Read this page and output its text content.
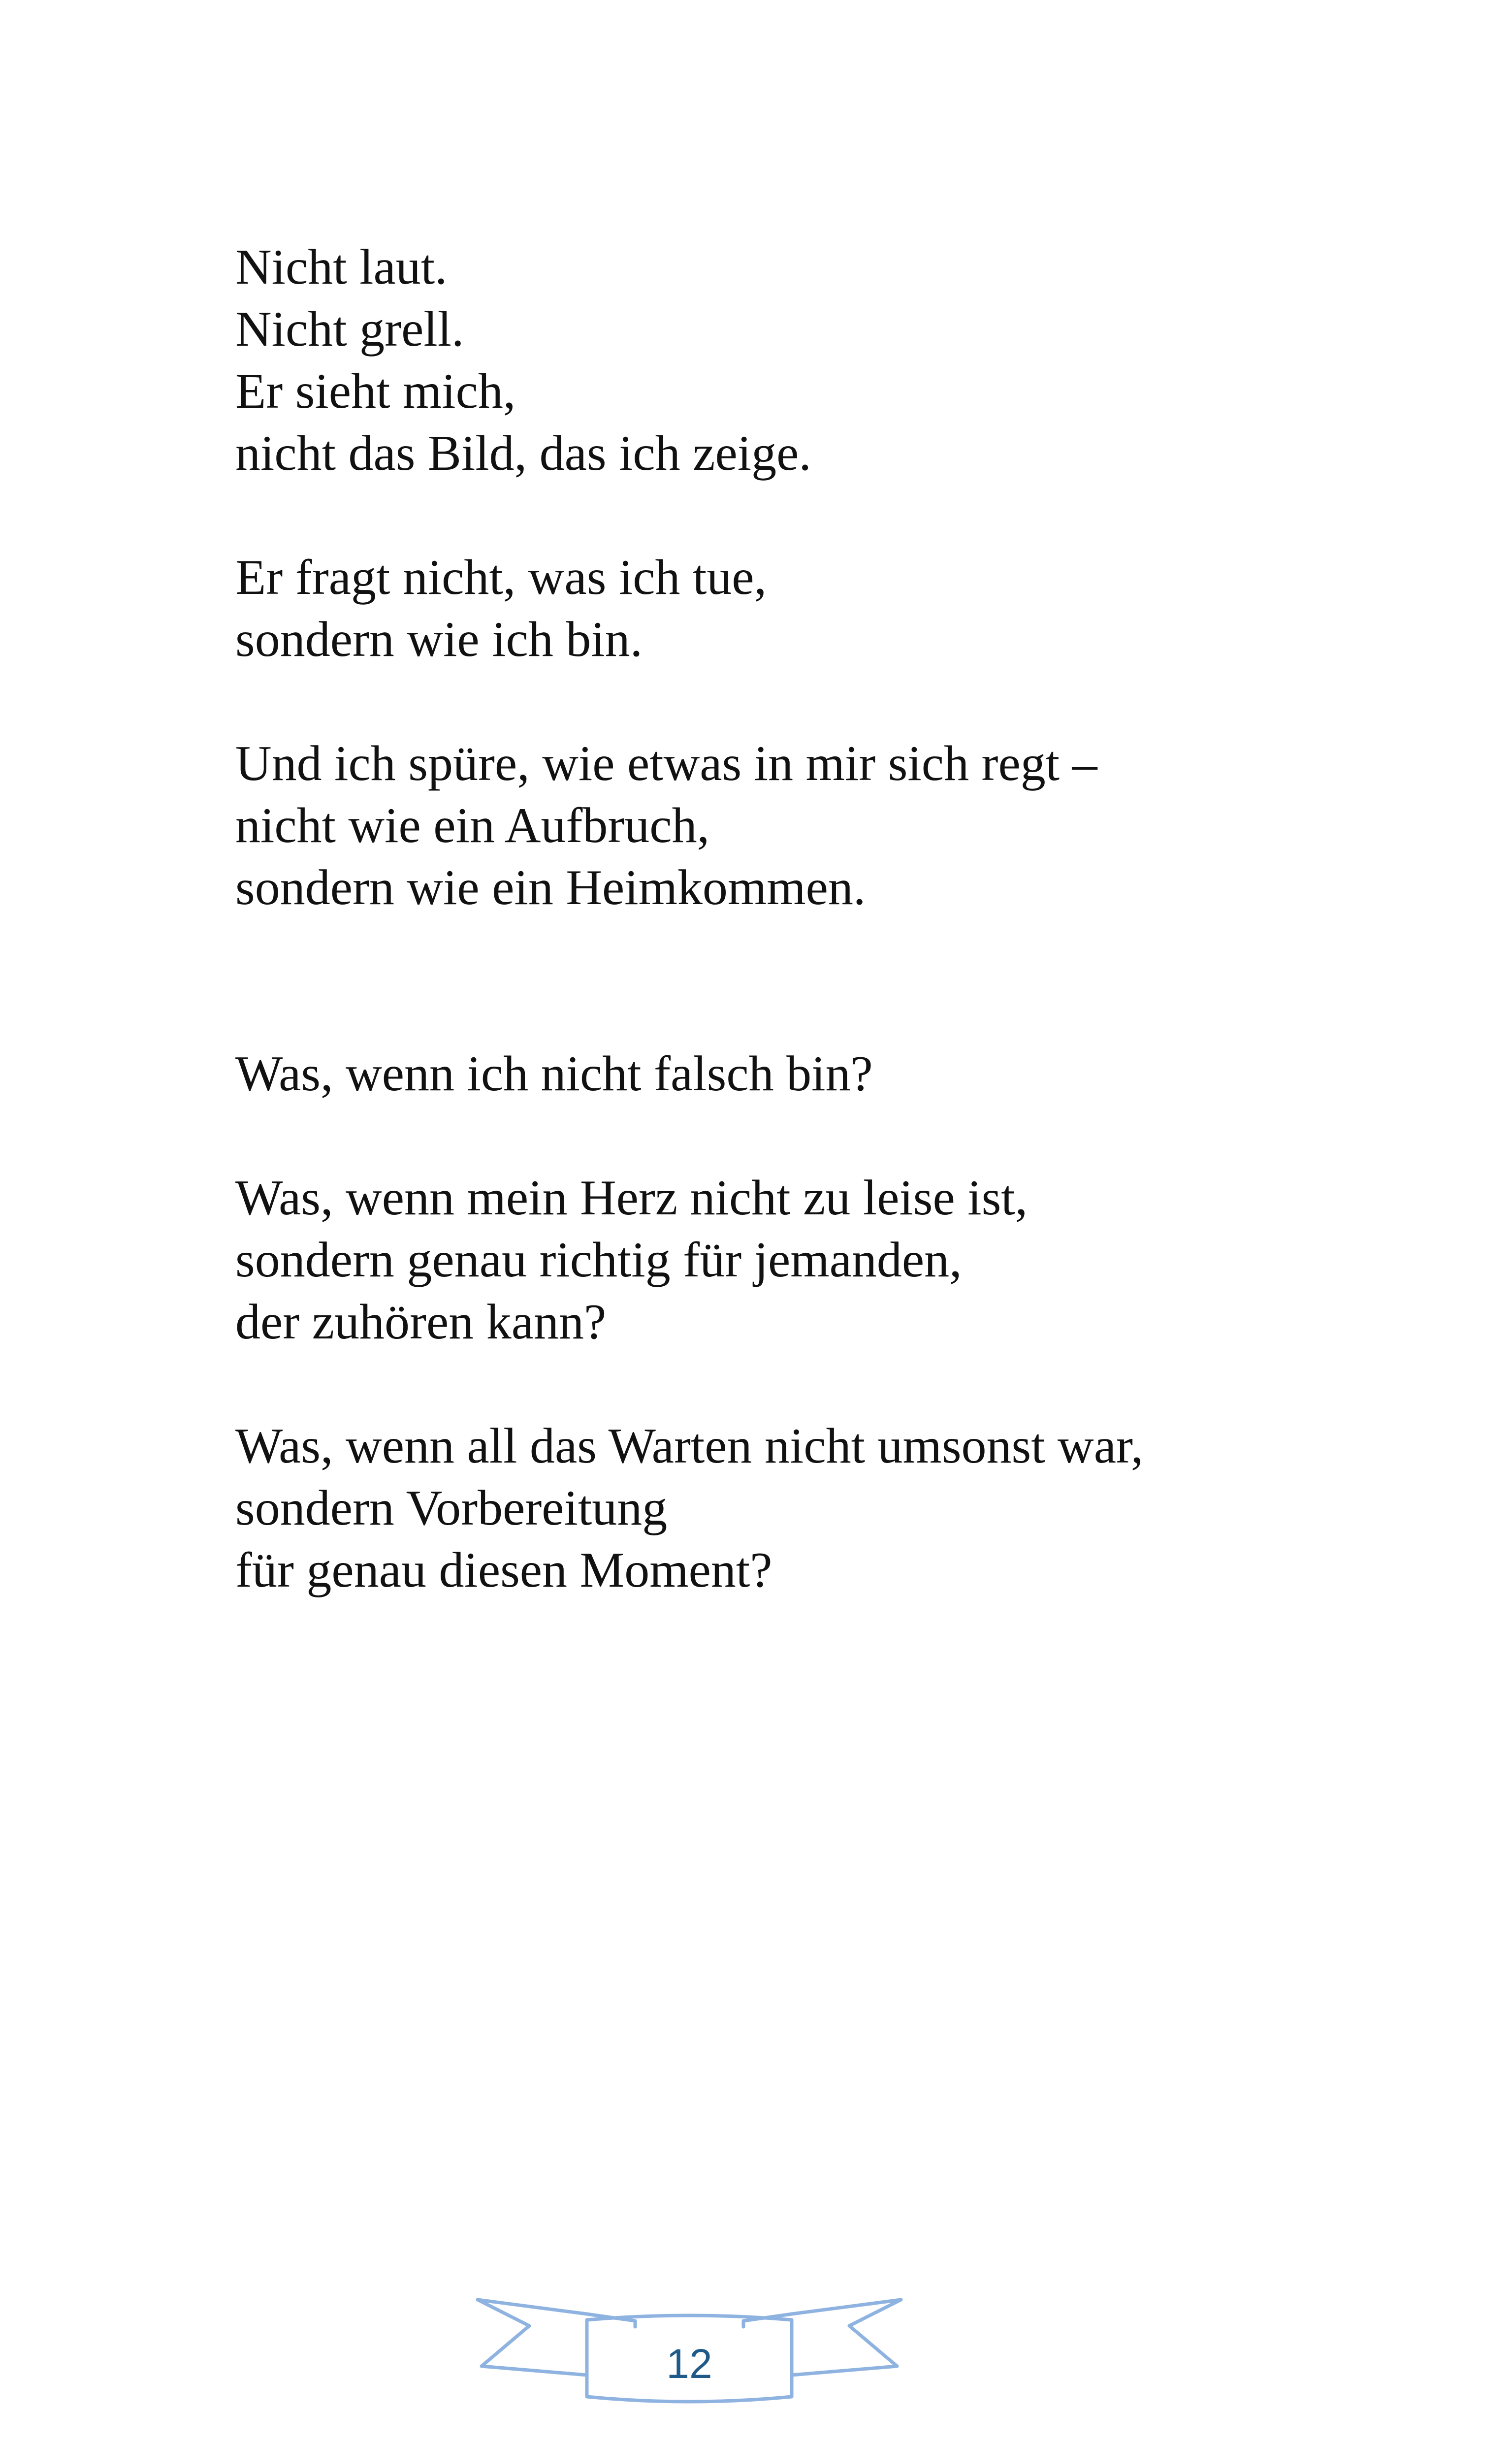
Nicht laut.
Nicht grell.
Er sieht mich,
nicht das Bild, das ich zeige.

Er fragt nicht, was ich tue,
sondern wie ich bin.

Und ich spüre, wie etwas in mir sich regt –
nicht wie ein Aufbruch,
sondern wie ein Heimkommen.

Was, wenn ich nicht falsch bin?

Was, wenn mein Herz nicht zu leise ist,
sondern genau richtig für jemanden,
der zuhören kann?

Was, wenn all das Warten nicht umsonst war,
sondern Vorbereitung
für genau diesen Moment?

12
